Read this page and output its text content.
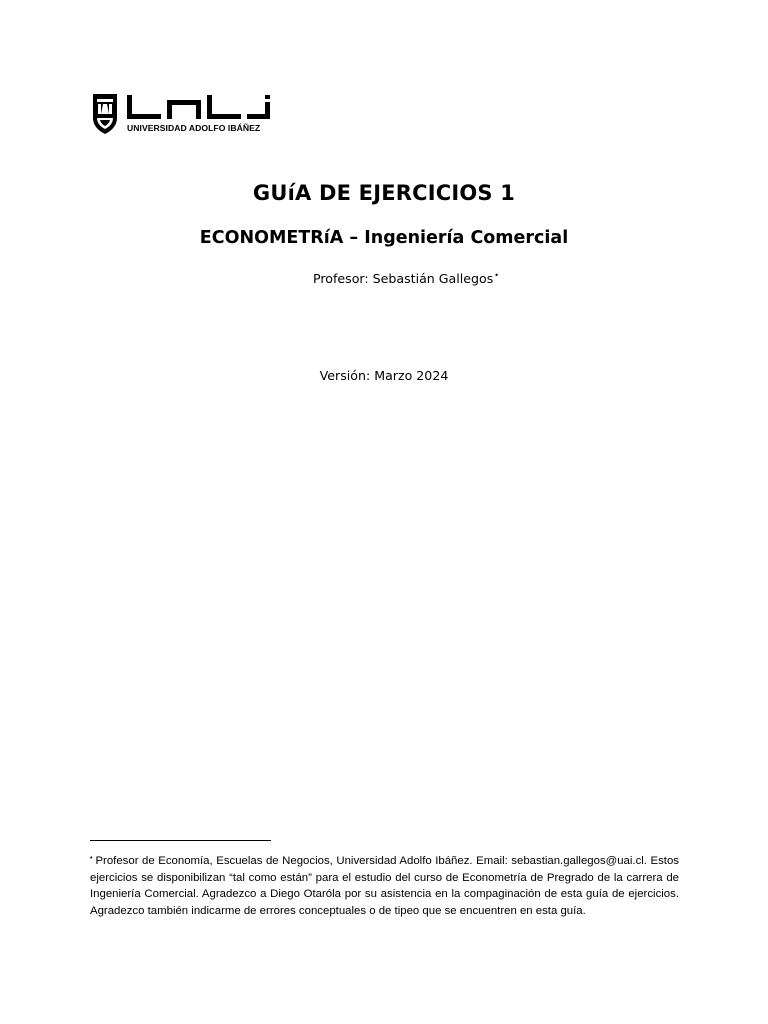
UNIVERSIDAD ADOLFO IBÁÑEZ
GUíA DE EJERCICIOS 1
ECONOMETRíA – Ingeniería Comercial
Profesor: Sebastián Gallegos•
Versión: Marzo 2024

• Profesor de Economía, Escuelas de Negocios, Universidad Adolfo Ibáñez. Email: sebastian.gallegos@uai.cl. Estos ejercicios se disponibilizan “tal como están” para el estudio del curso de Econometría de Pregrado de la carrera de Ingeniería Comercial. Agradezco a Diego Otaróla por su asistencia en la compaginación de esta guía de ejercicios. Agradezco también indicarme de errores conceptuales o de tipeo que se encuentren en esta guía.
